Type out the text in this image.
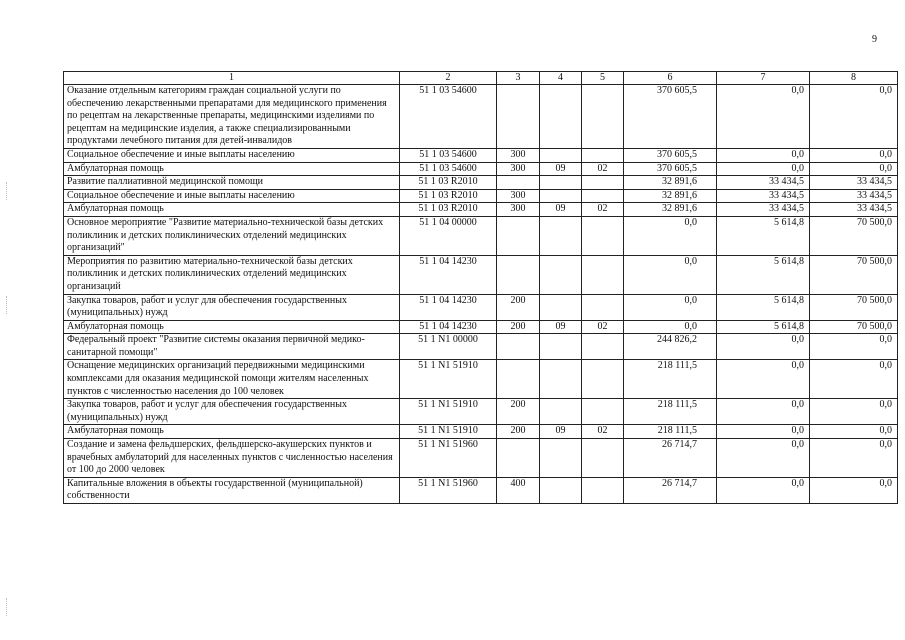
9
1	2	3	4	5	6	7	8
Оказание отдельным категориям граждан социальной услуги по обеспечению лекарственными препаратами для медицинского применения по рецептам на лекарственные препараты, медицинскими изделиями по рецептам на медицинские изделия, а также специализированными продуктами лечебного питания для детей-инвалидов	51 1 03 54600				370 605,5	0,0	0,0
Социальное обеспечение и иные выплаты населению	51 1 03 54600	300			370 605,5	0,0	0,0
Амбулаторная помощь	51 1 03 54600	300	09	02	370 605,5	0,0	0,0
Развитие паллиативной медицинской помощи	51 1 03 R2010				32 891,6	33 434,5	33 434,5
Социальное обеспечение и иные выплаты населению	51 1 03 R2010	300			32 891,6	33 434,5	33 434,5
Амбулаторная помощь	51 1 03 R2010	300	09	02	32 891,6	33 434,5	33 434,5
Основное мероприятие "Развитие материально-технической базы детских поликлиник и детских поликлинических отделений медицинских организаций"	51 1 04 00000				0,0	5 614,8	70 500,0
Мероприятия по развитию материально-технической базы детских поликлиник и детских поликлинических отделений медицинских организаций	51 1 04 14230				0,0	5 614,8	70 500,0
Закупка товаров, работ и услуг для обеспечения государственных (муниципальных) нужд	51 1 04 14230	200			0,0	5 614,8	70 500,0
Амбулаторная помощь	51 1 04 14230	200	09	02	0,0	5 614,8	70 500,0
Федеральный проект "Развитие системы оказания первичной медико-санитарной помощи"	51 1 N1 00000				244 826,2	0,0	0,0
Оснащение медицинских организаций передвижными медицинскими комплексами для оказания медицинской помощи жителям населенных пунктов с численностью населения до 100 человек	51 1 N1 51910				218 111,5	0,0	0,0
Закупка товаров, работ и услуг для обеспечения государственных (муниципальных) нужд	51 1 N1 51910	200			218 111,5	0,0	0,0
Амбулаторная помощь	51 1 N1 51910	200	09	02	218 111,5	0,0	0,0
Создание и замена фельдшерских, фельдшерско-акушерских пунктов и врачебных амбулаторий для населенных пунктов с численностью населения от 100 до 2000 человек	51 1 N1 51960				26 714,7	0,0	0,0
Капитальные вложения в объекты государственной (муниципальной) собственности	51 1 N1 51960	400			26 714,7	0,0	0,0
